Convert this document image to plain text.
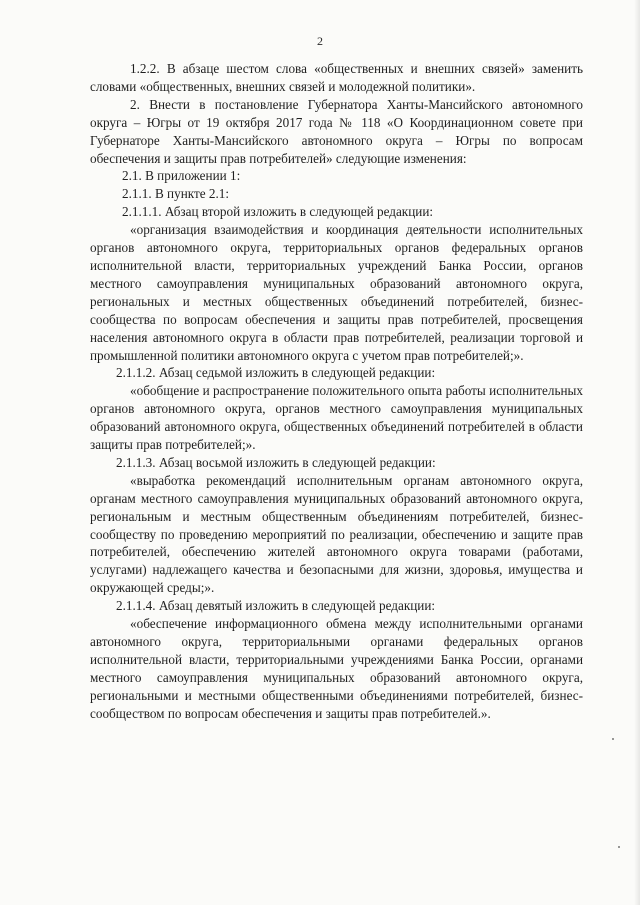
2

1.2.2. В абзаце шестом слова «общественных и внешних связей» заменить словами «общественных, внешних связей и молодежной политики».

2. Внести в постановление Губернатора Ханты-Мансийского автономного округа – Югры от 19 октября 2017 года № 118 «О Координационном совете при Губернаторе Ханты-Мансийского автономного округа – Югры по вопросам обеспечения и защиты прав потребителей» следующие изменения:

2.1. В приложении 1:

2.1.1. В пункте 2.1:

2.1.1.1. Абзац второй изложить в следующей редакции:

«организация взаимодействия и координация деятельности исполнительных органов автономного округа, территориальных органов федеральных органов исполнительной власти, территориальных учреждений Банка России, органов местного самоуправления муниципальных образований автономного округа, региональных и местных общественных объединений потребителей, бизнес-сообщества по вопросам обеспечения и защиты прав потребителей, просвещения населения автономного округа в области прав потребителей, реализации торговой и промышленной политики автономного округа с учетом прав потребителей;».

2.1.1.2. Абзац седьмой изложить в следующей редакции:

«обобщение и распространение положительного опыта работы исполнительных органов автономного округа, органов местного самоуправления муниципальных образований автономного округа, общественных объединений потребителей в области защиты прав потребителей;».

2.1.1.3. Абзац восьмой изложить в следующей редакции:

«выработка рекомендаций исполнительным органам автономного округа, органам местного самоуправления муниципальных образований автономного округа, региональным и местным общественным объединениям потребителей, бизнес-сообществу по проведению мероприятий по реализации, обеспечению и защите прав потребителей, обеспечению жителей автономного округа товарами (работами, услугами) надлежащего качества и безопасными для жизни, здоровья, имущества и окружающей среды;».

2.1.1.4. Абзац девятый изложить в следующей редакции:

«обеспечение информационного обмена между исполнительными органами автономного округа, территориальными органами федеральных органов исполнительной власти, территориальными учреждениями Банка России, органами местного самоуправления муниципальных образований автономного округа, региональными и местными общественными объединениями потребителей, бизнес-сообществом по вопросам обеспечения и защиты прав потребителей.».
